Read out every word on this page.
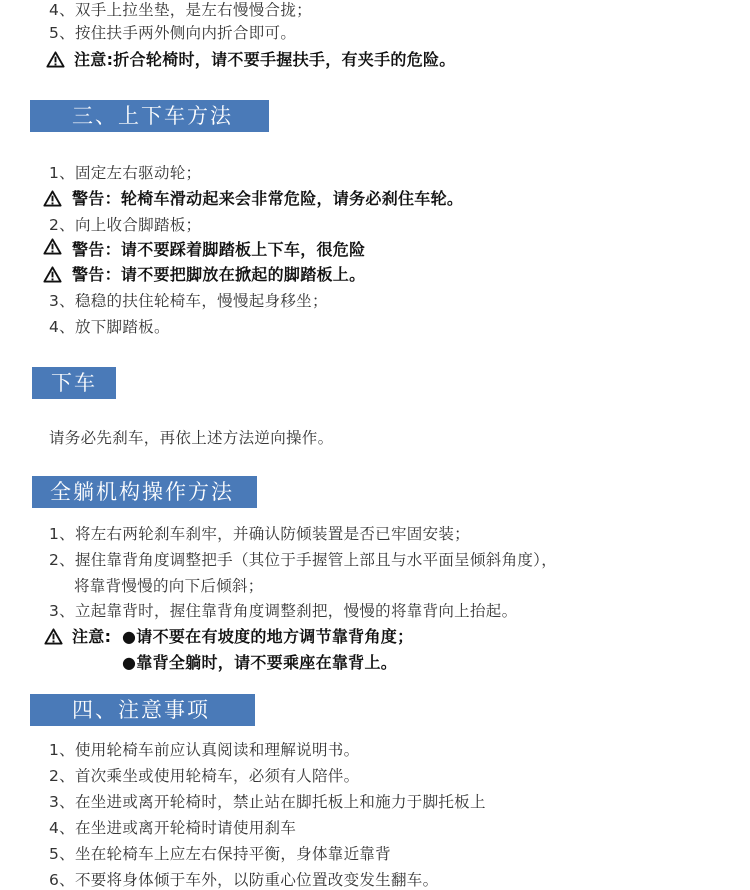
4、双手上拉坐垫，是左右慢慢合拢；
5、按住扶手两外侧向内折合即可。
注意:折合轮椅时，请不要手握扶手，有夹手的危险。
三、上下车方法
1、固定左右驱动轮；
警告：轮椅车滑动起来会非常危险，请务必刹住车轮。
2、向上收合脚踏板；
警告：请不要踩着脚踏板上下车，很危险
警告：请不要把脚放在掀起的脚踏板上。
3、稳稳的扶住轮椅车，慢慢起身移坐；
4、放下脚踏板。
下车
请务必先刹车，再依上述方法逆向操作。
全躺机构操作方法
1、将左右两轮刹车刹牢，并确认防倾装置是否已牢固安装；
2、握住靠背角度调整把手（其位于手握管上部且与水平面呈倾斜角度），
将靠背慢慢的向下后倾斜；
3、立起靠背时，握住靠背角度调整刹把，慢慢的将靠背向上抬起。
注意: ●请不要在有坡度的地方调节靠背角度；
●靠背全躺时，请不要乘座在靠背上。
四、注意事项
1、使用轮椅车前应认真阅读和理解说明书。
2、首次乘坐或使用轮椅车，必须有人陪伴。
3、在坐进或离开轮椅时，禁止站在脚托板上和施力于脚托板上
4、在坐进或离开轮椅时请使用刹车
5、坐在轮椅车上应左右保持平衡，身体靠近靠背
6、不要将身体倾于车外，以防重心位置改变发生翻车。
